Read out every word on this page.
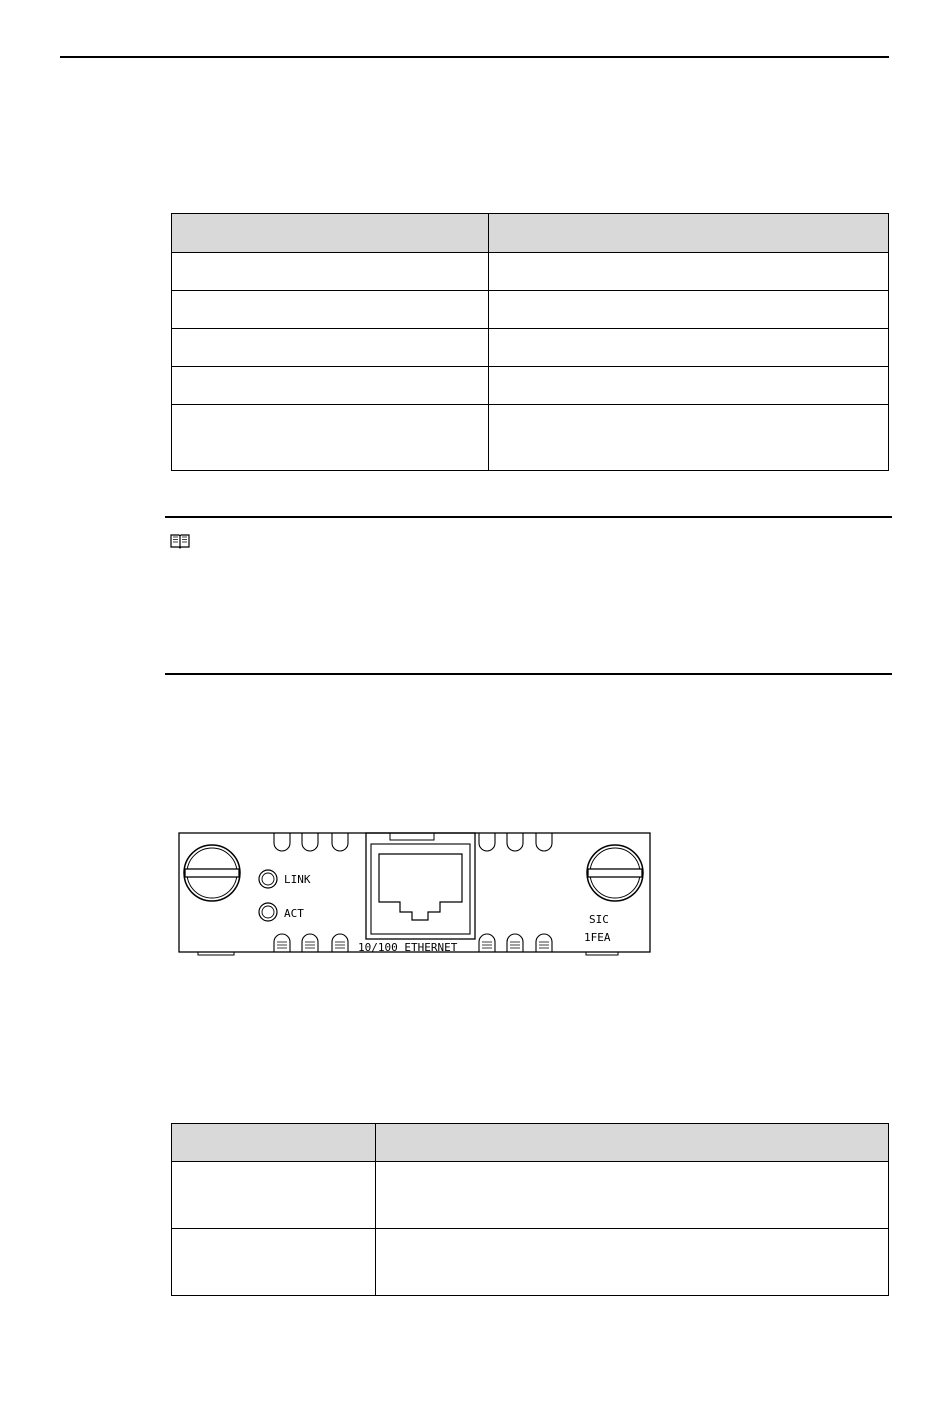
LINK
ACT
10/100 ETHERNET
SIC
1FEA
